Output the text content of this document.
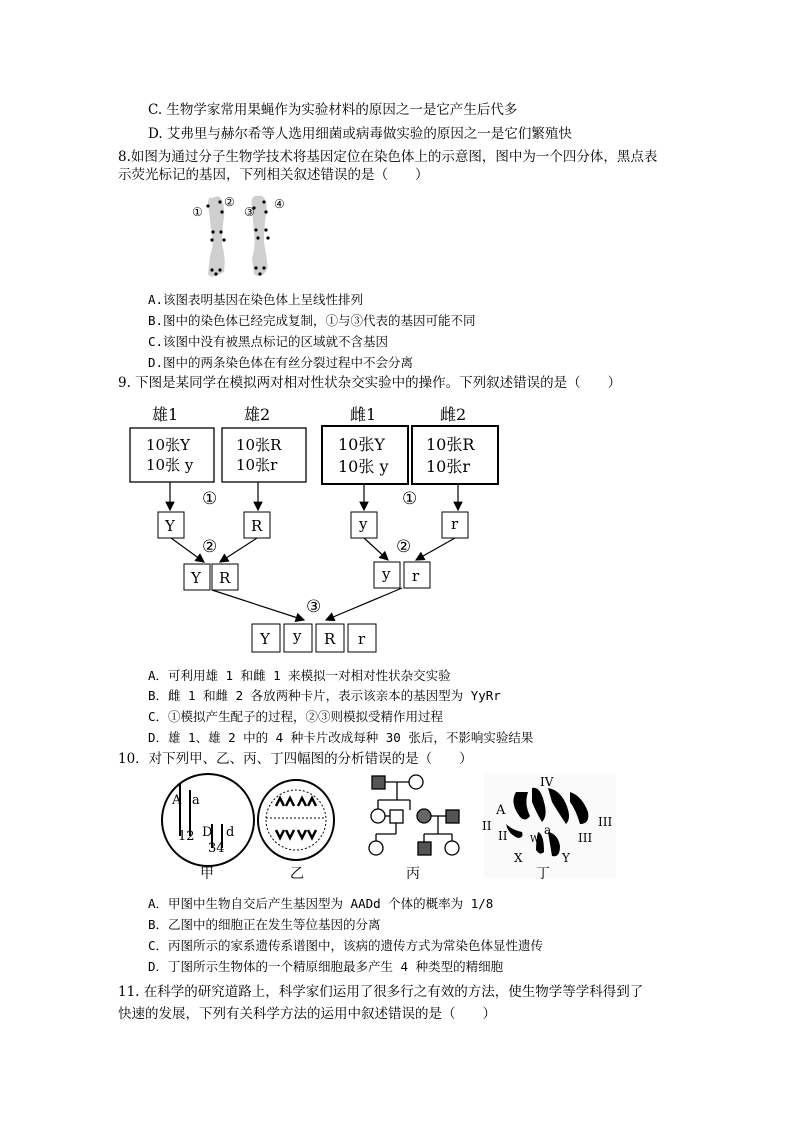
C. 生物学家常用果蝇作为实验材料的原因之一是它产生后代多
D. 艾弗里与赫尔希等人选用细菌或病毒做实验的原因之一是它们繁殖快
8.如图为通过分子生物学技术将基因定位在染色体上的示意图，图中为一个四分体，黑点表
示荧光标记的基因，下列相关叙述错误的是（　　）
①
②
③
④
A.该图表明基因在染色体上呈线性排列
B.图中的染色体已经完成复制，①与③代表的基因可能不同
C.该图中没有被黑点标记的区域就不含基因
D.图中的两条染色体在有丝分裂过程中不会分离
9. 下图是某同学在模拟两对相对性状杂交实验中的操作。下列叙述错误的是（　　）
雄1	雄2	雌1	雌2
10张Y
10张 y
10张R
10张r
10张Y
10张 y
10张R
10张r
①	①
Y	R	y	r
②	②
Y R	y r
③
Y y R r
A．可利用雄 1 和雌 1 来模拟一对相对性状杂交实验
B．雌 1 和雌 2 各放两种卡片，表示该亲本的基因型为 YyRr
C．①模拟产生配子的过程，②③则模拟受精作用过程
D．雄 1、雄 2 中的 4 种卡片改成每种 30 张后，不影响实验结果
10．对下列甲、乙、丙、丁四幅图的分析错误的是（　　）
A a
12 D d
34
甲	乙	丙
IV
A
II	III
II	W
a
III
X	Y
丁
A．甲图中生物自交后产生基因型为 AADd 个体的概率为 1/8
B．乙图中的细胞正在发生等位基因的分离
C．丙图所示的家系遗传系谱图中，该病的遗传方式为常染色体显性遗传
D．丁图所示生物体的一个精原细胞最多产生 4 种类型的精细胞
11. 在科学的研究道路上，科学家们运用了很多行之有效的方法，使生物学等学科得到了
快速的发展，下列有关科学方法的运用中叙述错误的是（　　）
